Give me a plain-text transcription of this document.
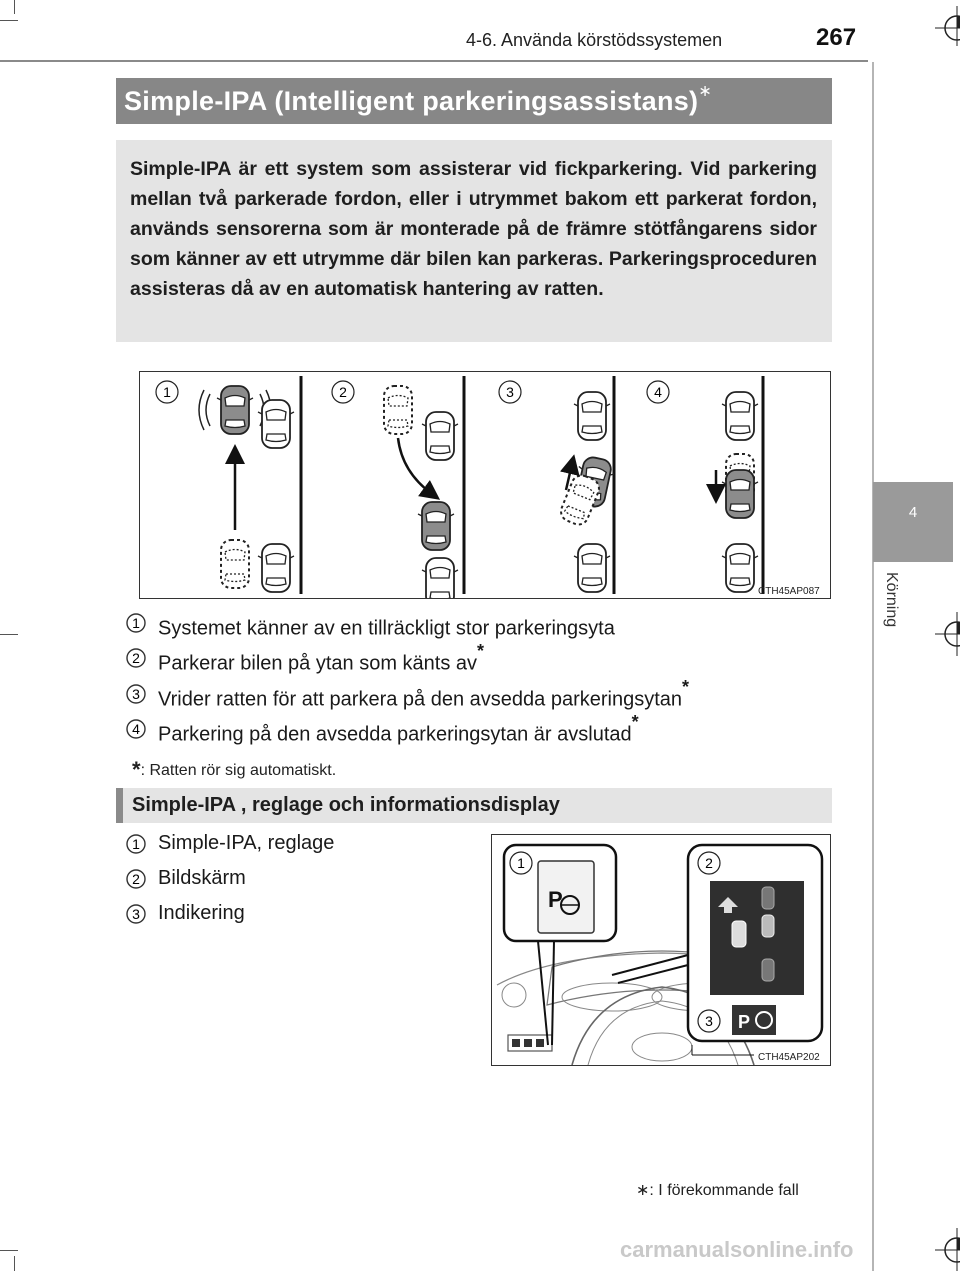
4-6. Använda körstödssystemen	267
4
Körning
Simple-IPA (Intelligent parkeringsassistans)∗

Simple-IPA är ett system som assisterar vid fickparkering. Vid parkering mellan två parkerade fordon, eller i utrymmet bakom ett parkerat fordon, används sensorerna som är monterade på de främre stötfångarens sidor som känner av ett utrymme där bilen kan parkeras. Parkeringsproceduren assisteras då av en automatisk hantering av ratten.

1	2	3	4
CTH45AP087
1 Systemet känner av en tillräckligt stor parkeringsyta
2 Parkerar bilen på ytan som känts av*
3 Vrider ratten för att parkera på den avsedda parkeringsytan*
4 Parkering på den avsedda parkeringsytan är avslutad*
*: Ratten rör sig automatiskt.
Simple-IPA , reglage och informationsdisplay
1 Simple-IPA, reglage
2 Bildskärm
3 Indikering
P
1	2
P
3
CTH45AP202
∗: I förekommande fall
carmanualsonline.info
